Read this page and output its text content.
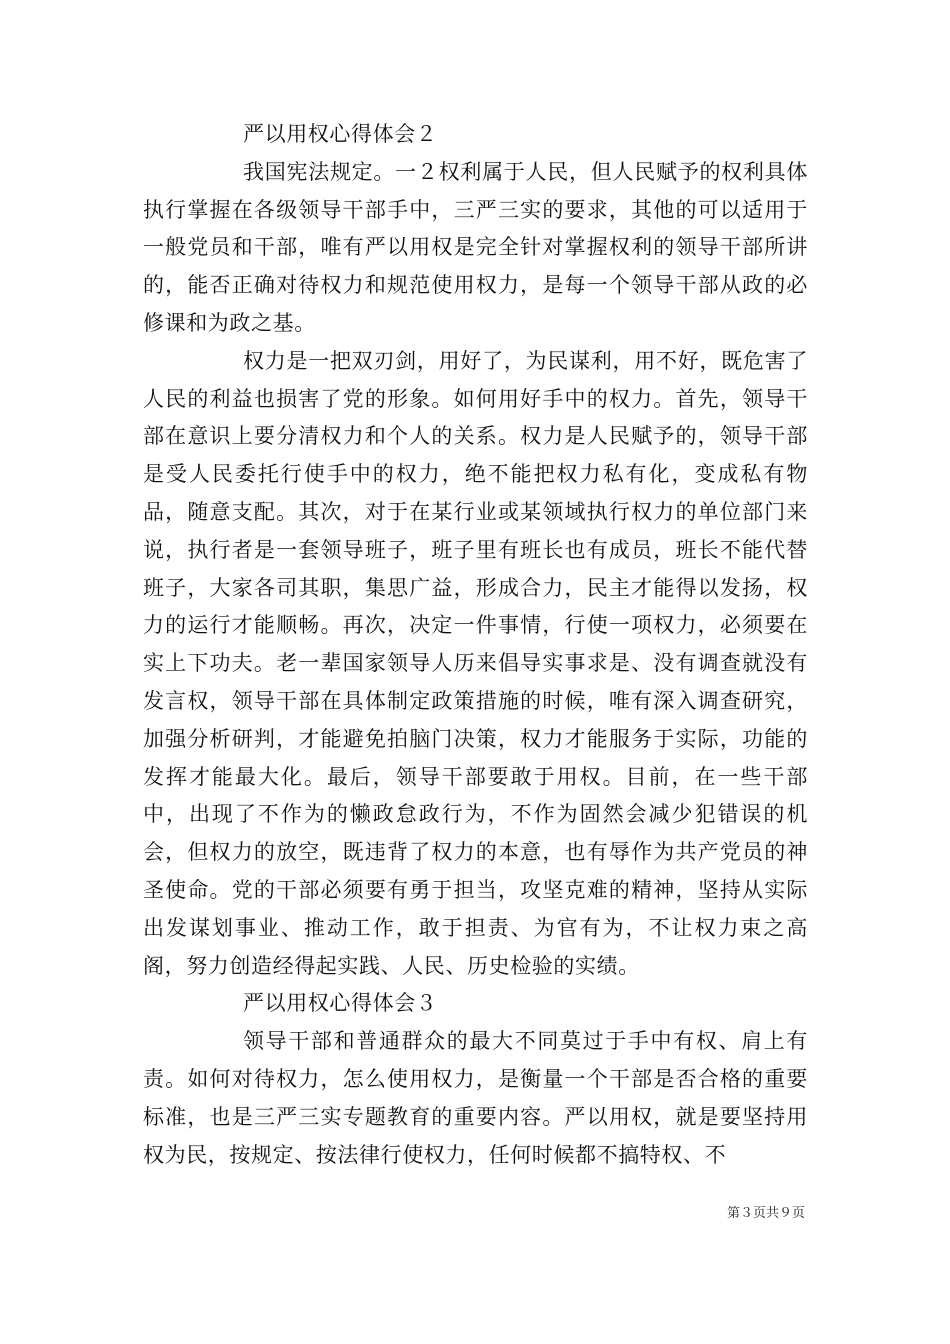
严以用权心得体会２

我国宪法规定。一２权利属于人民，但人民赋予的权利具体执行掌握在各级领导干部手中，三严三实的要求，其他的可以适用于一般党员和干部，唯有严以用权是完全针对掌握权利的领导干部所讲的，能否正确对待权力和规范使用权力，是每一个领导干部从政的必修课和为政之基。

权力是一把双刃剑，用好了，为民谋利，用不好，既危害了人民的利益也损害了党的形象。如何用好手中的权力。首先，领导干部在意识上要分清权力和个人的关系。权力是人民赋予的，领导干部是受人民委托行使手中的权力，绝不能把权力私有化，变成私有物品，随意支配。其次，对于在某行业或某领域执行权力的单位部门来说，执行者是一套领导班子，班子里有班长也有成员，班长不能代替班子，大家各司其职，集思广益，形成合力，民主才能得以发扬，权力的运行才能顺畅。再次，决定一件事情，行使一项权力，必须要在实上下功夫。老一辈国家领导人历来倡导实事求是、没有调查就没有发言权，领导干部在具体制定政策措施的时候，唯有深入调查研究，加强分析研判，才能避免拍脑门决策，权力才能服务于实际，功能的发挥才能最大化。最后，领导干部要敢于用权。目前，在一些干部中，出现了不作为的懒政怠政行为，不作为固然会减少犯错误的机会，但权力的放空，既违背了权力的本意，也有辱作为共产党员的神圣使命。党的干部必须要有勇于担当，攻坚克难的精神，坚持从实际出发谋划事业、推动工作，敢于担责、为官有为，不让权力束之高阁，努力创造经得起实践、人民、历史检验的实绩。

严以用权心得体会３

领导干部和普通群众的最大不同莫过于手中有权、肩上有责。如何对待权力，怎么使用权力，是衡量一个干部是否合格的重要标准，也是三严三实专题教育的重要内容。严以用权，就是要坚持用权为民，按规定、按法律行使权力，任何时候都不搞特权、不

第３页共９页
